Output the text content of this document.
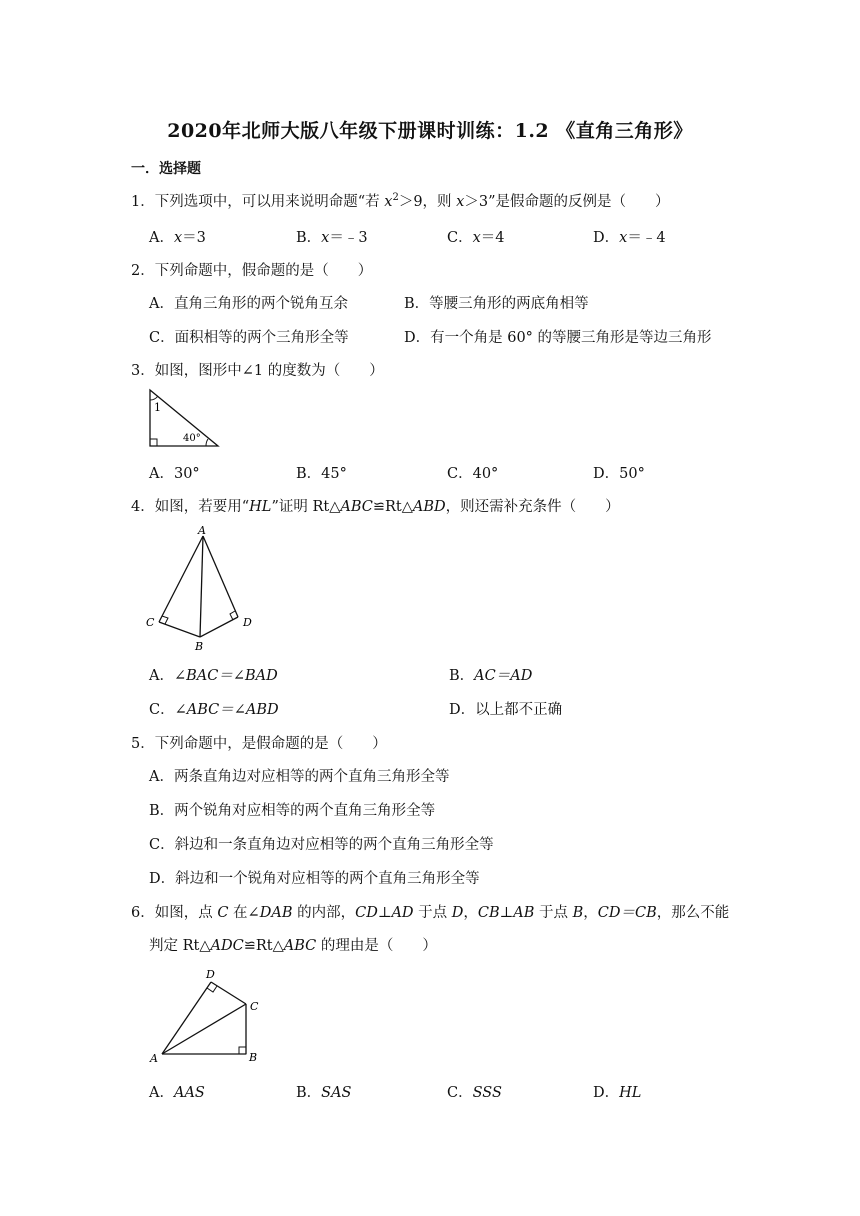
2020年北师大版八年级下册课时训练：1.2 《直角三角形》
一．选择题
1．下列选项中，可以用来说明命题“若 $x^2>9$，则 x＞3”是假命题的反例是（　　）
A．x＝3	B．x＝﹣3	C．x＝4	D．x＝﹣4
2．下列命题中，假命题的是（　　）
A．直角三角形的两个锐角互余	B．等腰三角形的两底角相等
C．面积相等的两个三角形全等	D．有一个角是 60° 的等腰三角形是等边三角形
3．如图，图形中∠1 的度数为（　　）
1
40°
A．30°	B．45°	C．40°	D．50°
4．如图，若要用“HL”证明 Rt△ABC≌Rt△ABD，则还需补充条件（　　）
A
B
C	D
A．∠BAC＝∠BAD	B．AC＝AD
C．∠ABC＝∠ABD	D．以上都不正确
5．下列命题中，是假命题的是（　　）
A．两条直角边对应相等的两个直角三角形全等
B．两个锐角对应相等的两个直角三角形全等
C．斜边和一条直角边对应相等的两个直角三角形全等
D．斜边和一个锐角对应相等的两个直角三角形全等
6．如图，点 C 在∠DAB 的内部，CD⊥AD 于点 D，CB⊥AB 于点 B，CD＝CB，那么不能
判定 Rt△ADC≌Rt△ABC 的理由是（　　）
A	B
C
D
A．AAS	B．SAS	C．SSS	D．HL
